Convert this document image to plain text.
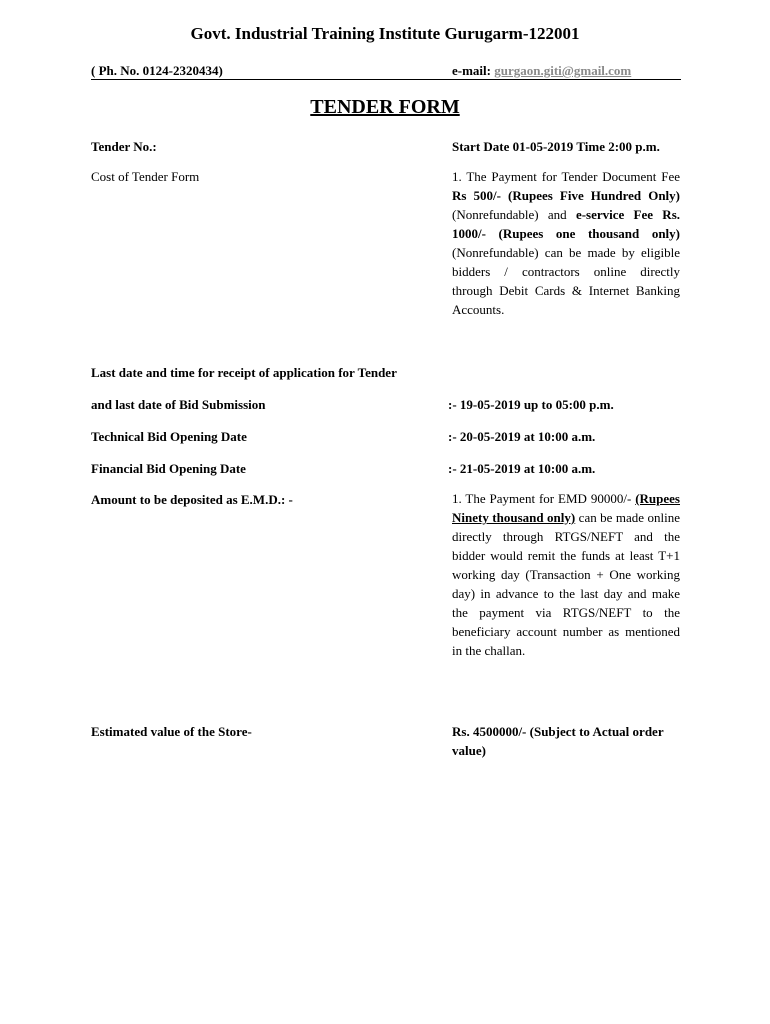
Govt. Industrial Training Institute Gurugarm-122001
( Ph. No. 0124-2320434)	e-mail: gurgaon.giti@gmail.com
TENDER FORM
Tender No.:	Start Date 01-05-2019 Time 2:00 p.m.
Cost of Tender Form	1. The Payment for Tender Document Fee Rs 500/- (Rupees Five Hundred Only) (Nonrefundable) and e-service Fee Rs. 1000/- (Rupees one thousand only) (Nonrefundable) can be made by eligible bidders / contractors online directly through Debit Cards & Internet Banking Accounts.
Last date and time for receipt of application for Tender
and last date of Bid Submission	:- 19-05-2019 up to 05:00 p.m.
Technical Bid Opening Date	:- 20-05-2019 at 10:00 a.m.
Financial Bid Opening Date	:- 21-05-2019 at 10:00 a.m.
Amount to be deposited as E.M.D.: -	1. The Payment for EMD 90000/- (Rupees Ninety thousand only) can be made online directly through RTGS/NEFT and the bidder would remit the funds at least T+1 working day (Transaction + One working day) in advance to the last day and make the payment via RTGS/NEFT to the beneficiary account number as mentioned in the challan.
Estimated value of the Store-	Rs. 4500000/- (Subject to Actual order value)
